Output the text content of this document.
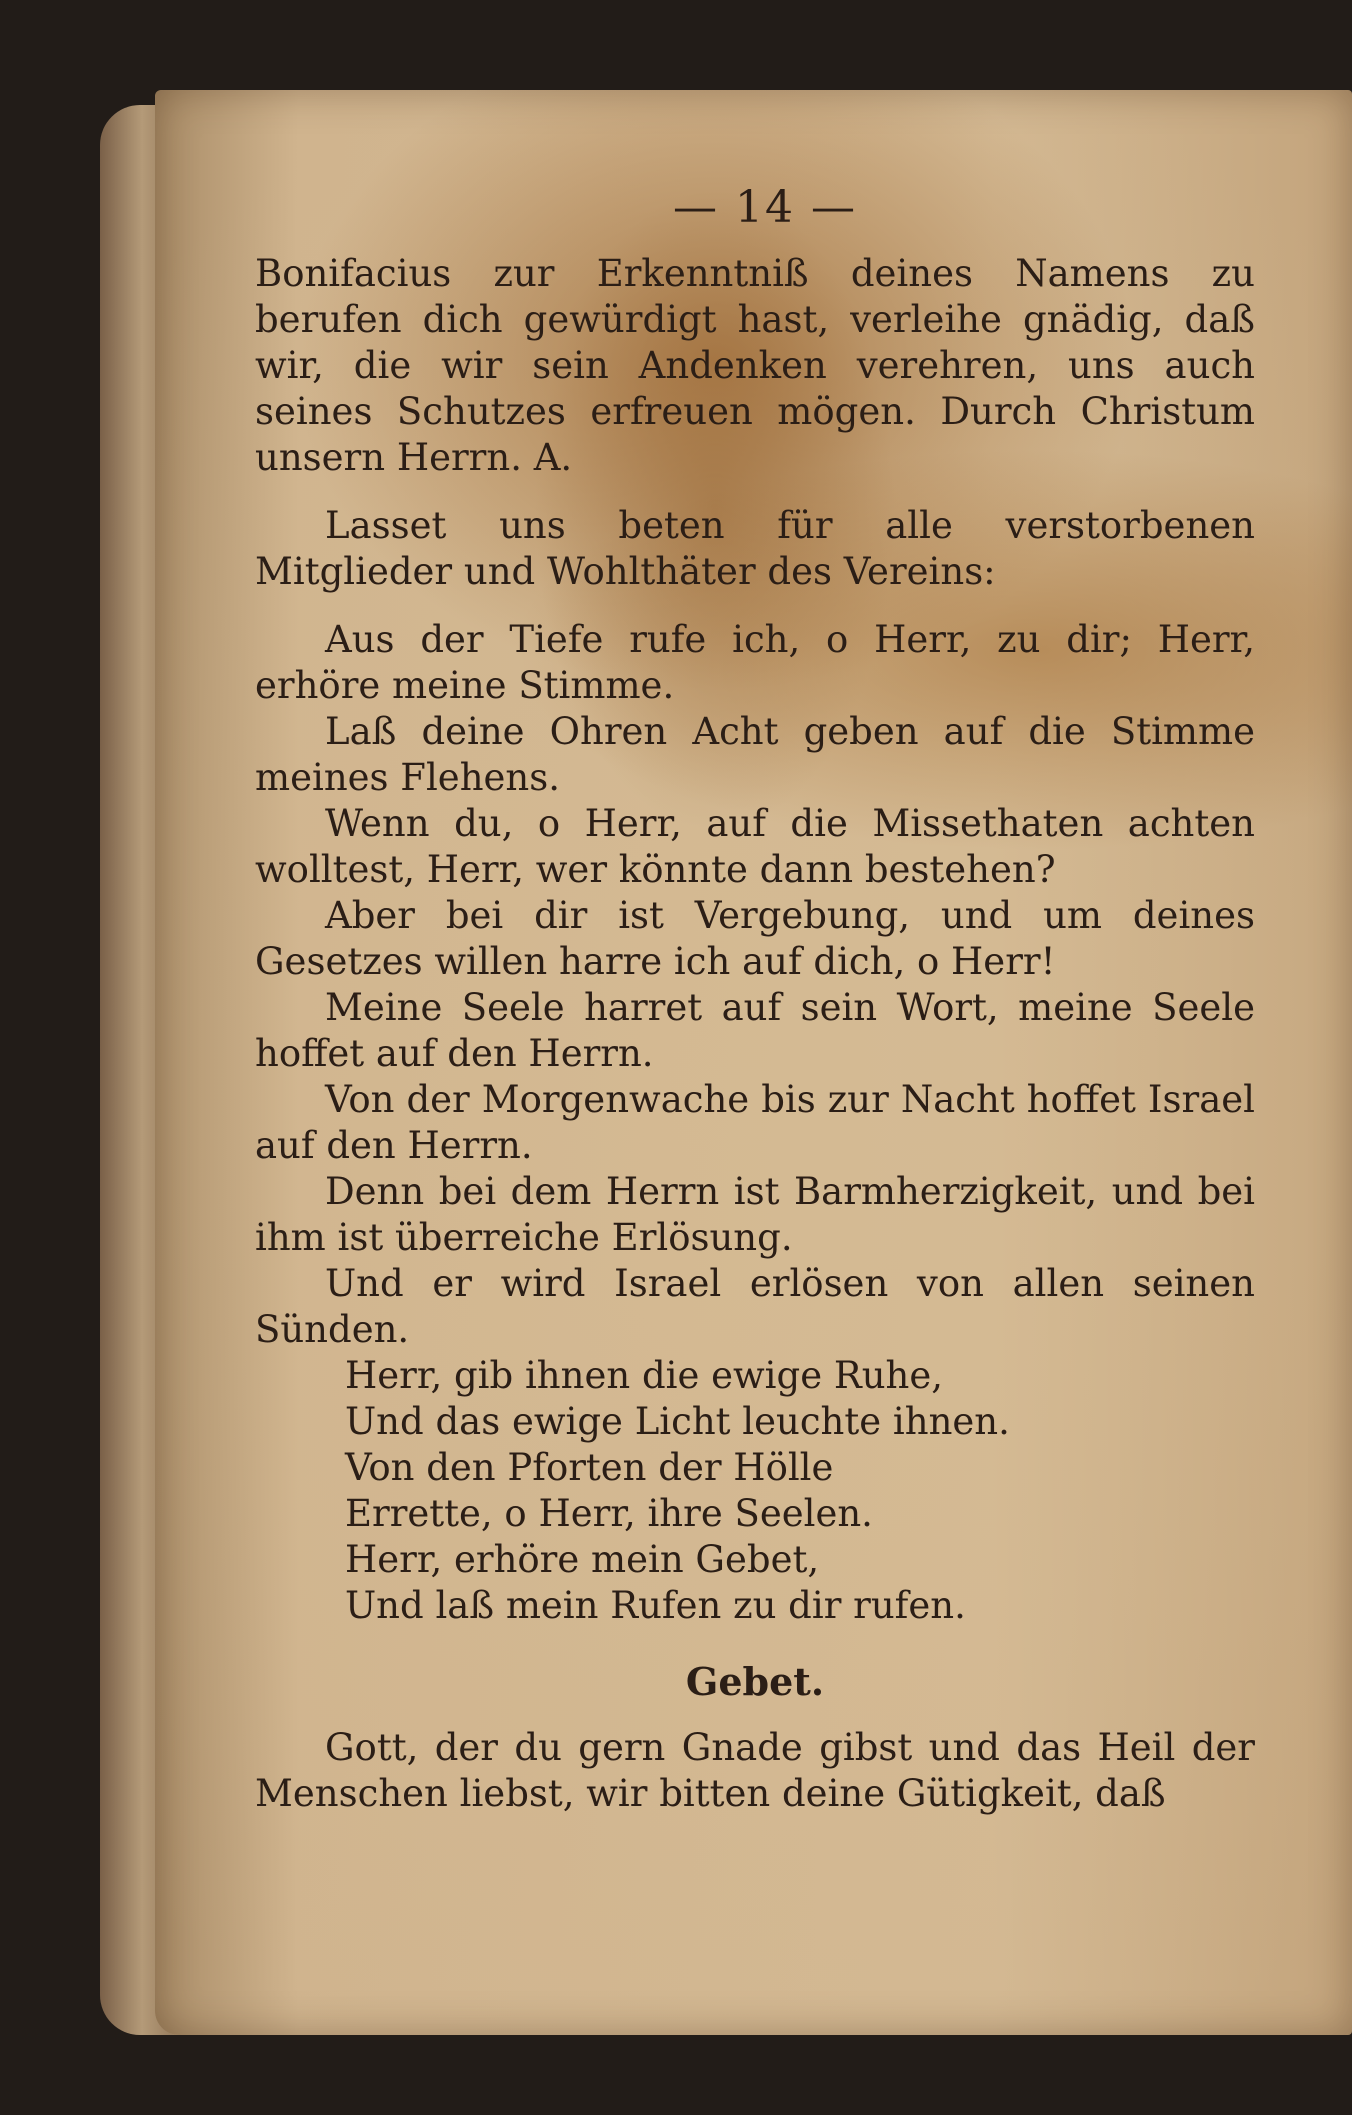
— 14 —

Bonifacius zur Erkenntniß deines Namens zu berufen dich gewürdigt hast, verleihe gnädig, daß wir, die wir sein Andenken verehren, uns auch seines Schutzes erfreuen mögen. Durch Christum unsern Herrn. A.

Lasset uns beten für alle verstorbenen Mitglieder und Wohlthäter des Vereins:

Aus der Tiefe rufe ich, o Herr, zu dir; Herr, erhöre meine Stimme.

Laß deine Ohren Acht geben auf die Stimme meines Flehens.

Wenn du, o Herr, auf die Missethaten achten wolltest, Herr, wer könnte dann bestehen?

Aber bei dir ist Vergebung, und um deines Gesetzes willen harre ich auf dich, o Herr!

Meine Seele harret auf sein Wort, meine Seele hoffet auf den Herrn.

Von der Morgenwache bis zur Nacht hoffet Israel auf den Herrn.

Denn bei dem Herrn ist Barmherzigkeit, und bei ihm ist überreiche Erlösung.

Und er wird Israel erlösen von allen seinen Sünden.

Herr, gib ihnen die ewige Ruhe,
Und das ewige Licht leuchte ihnen.
Von den Pforten der Hölle
Errette, o Herr, ihre Seelen.
Herr, erhöre mein Gebet,
Und laß mein Rufen zu dir rufen.
Gebet.

Gott, der du gern Gnade gibst und das Heil der Menschen liebst, wir bitten deine Gütigkeit, daß
